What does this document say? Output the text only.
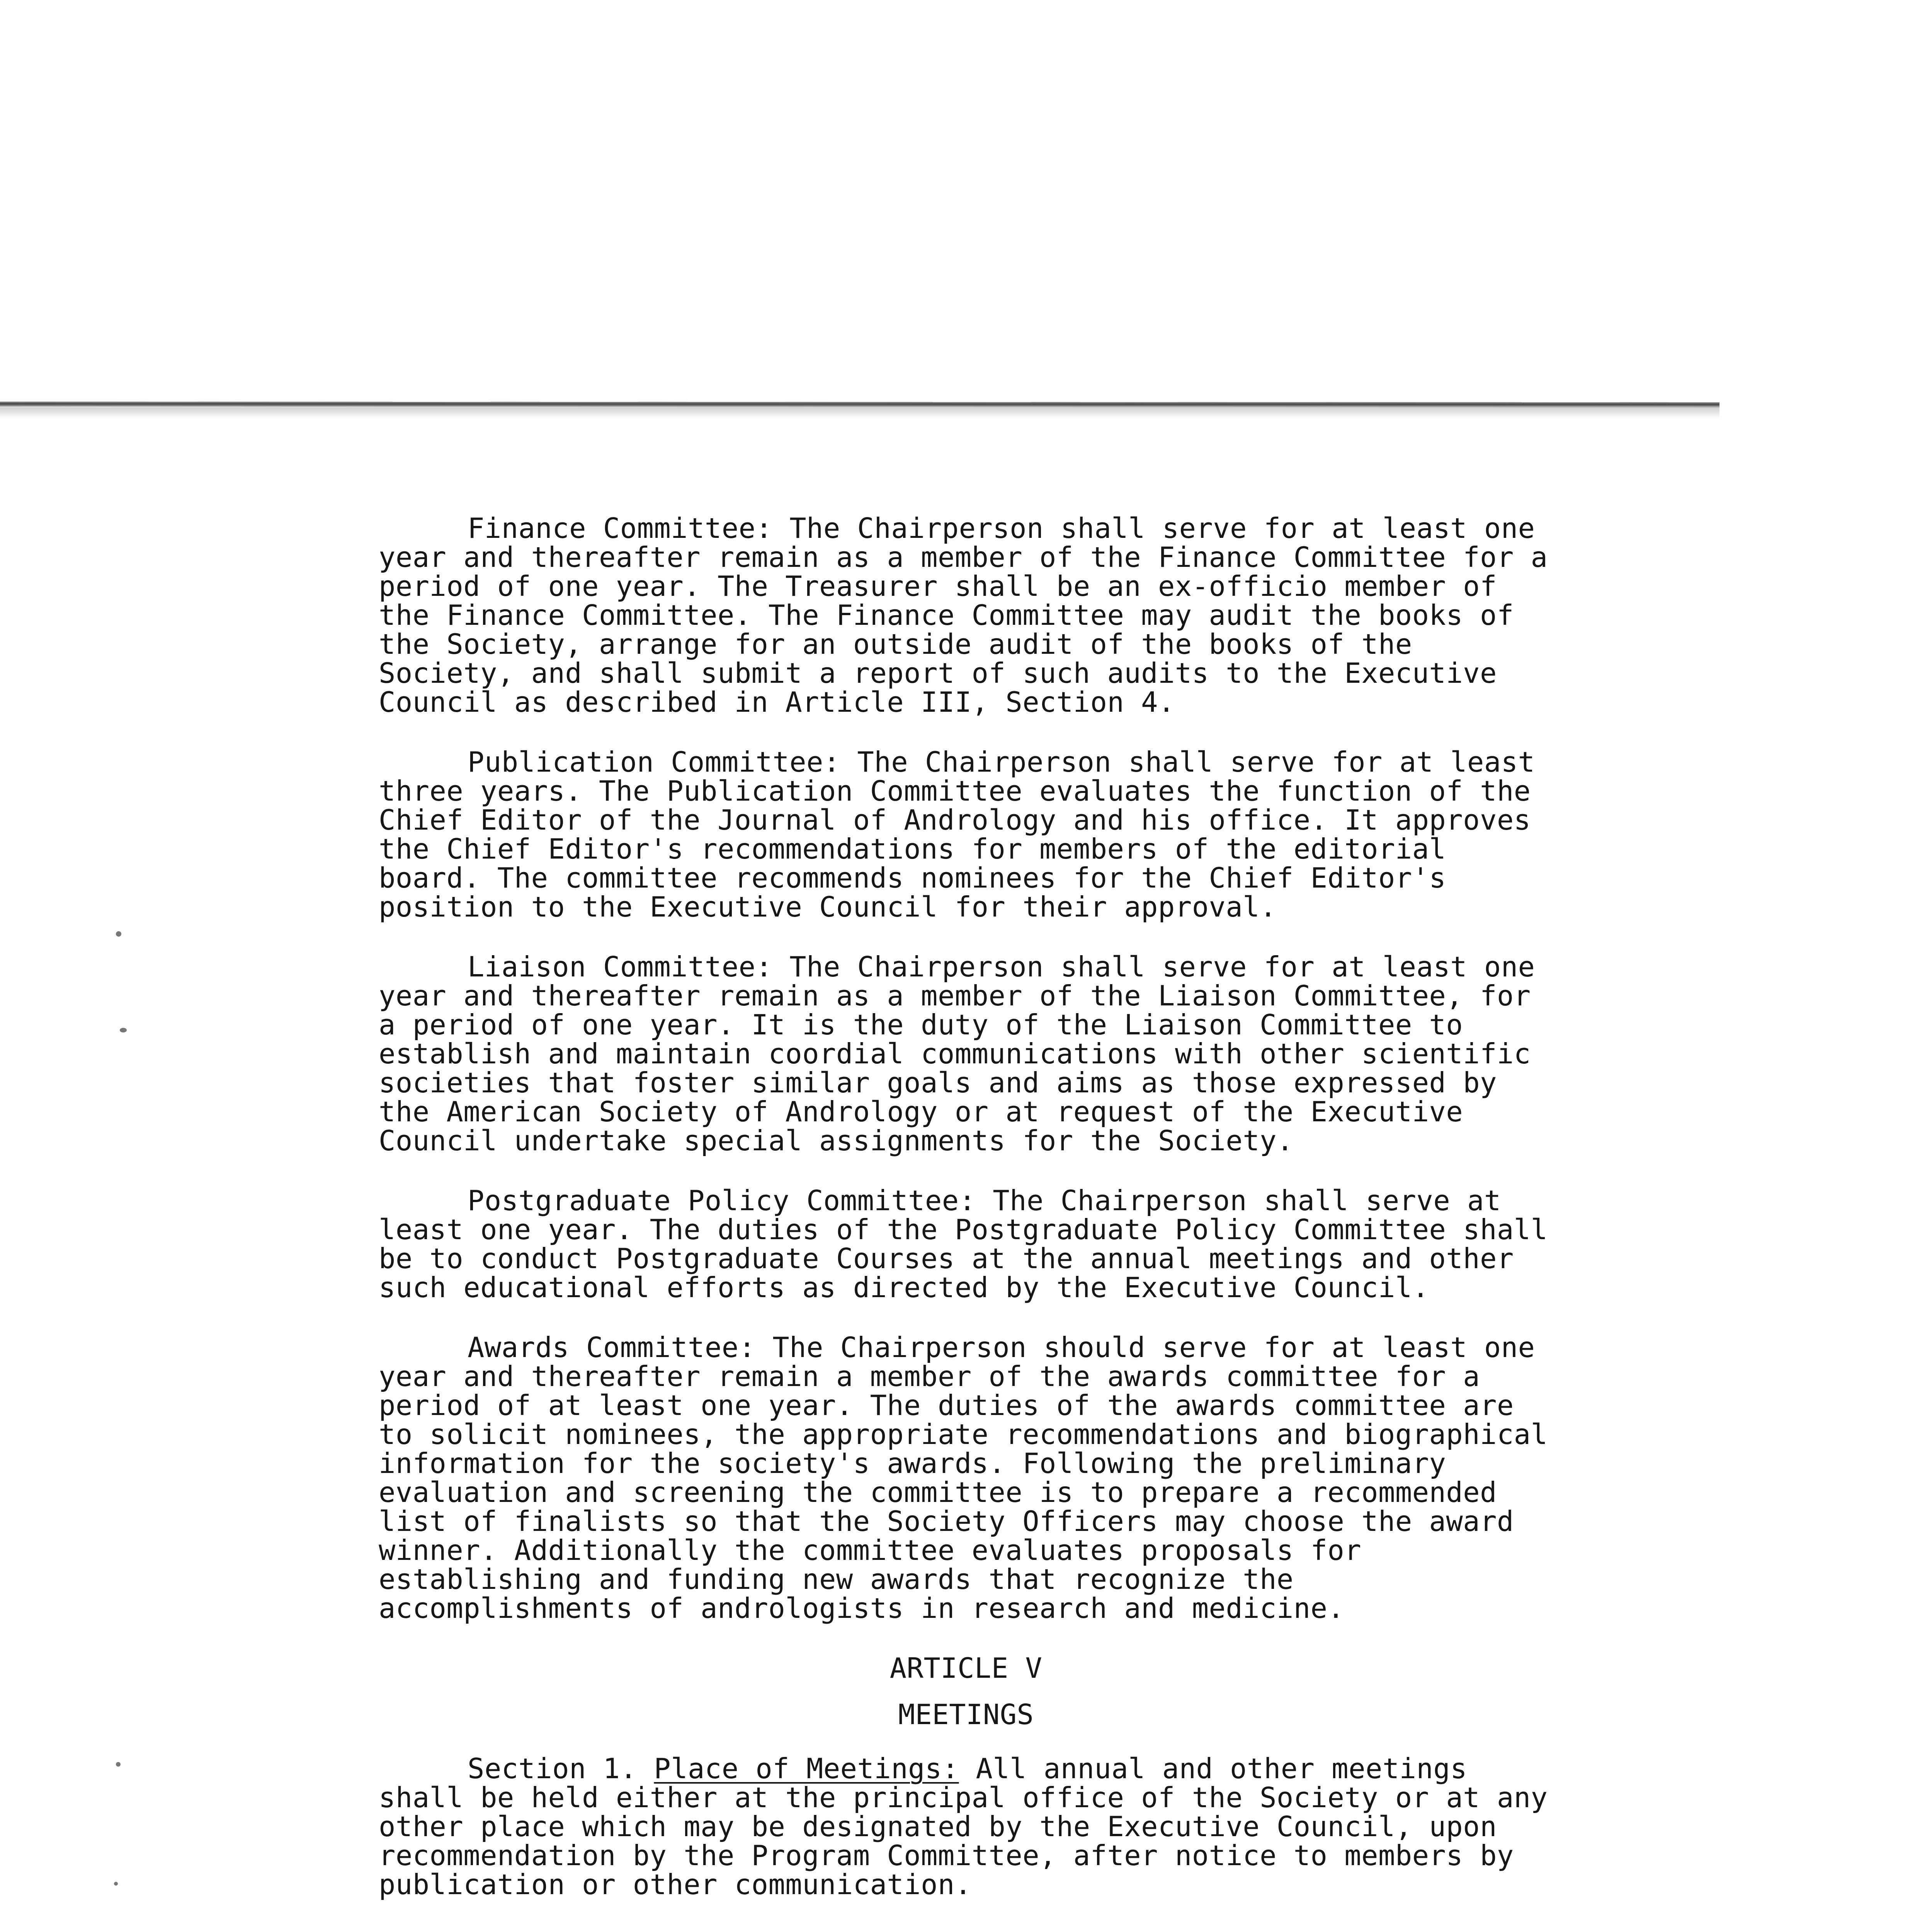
Finance Committee: The Chairperson shall serve for at least one year and thereafter remain as a member of the Finance Committee for a period of one year. The Treasurer shall be an ex-officio member of the Finance Committee. The Finance Committee may audit the books of the Society, arrange for an outside audit of the books of the Society, and shall submit a report of such audits to the Executive Council as described in Article III, Section 4.

Publication Committee: The Chairperson shall serve for at least three years. The Publication Committee evaluates the function of the Chief Editor of the Journal of Andrology and his office. It approves the Chief Editor's recommendations for members of the editorial board. The committee recommends nominees for the Chief Editor's position to the Executive Council for their approval.

Liaison Committee: The Chairperson shall serve for at least one year and thereafter remain as a member of the Liaison Committee, for a period of one year. It is the duty of the Liaison Committee to establish and maintain coordial communications with other scientific societies that foster similar goals and aims as those expressed by the American Society of Andrology or at request of the Executive Council undertake special assignments for the Society.

Postgraduate Policy Committee: The Chairperson shall serve at least one year. The duties of the Postgraduate Policy Committee shall be to conduct Postgraduate Courses at the annual meetings and other such educational efforts as directed by the Executive Council.

Awards Committee: The Chairperson should serve for at least one year and thereafter remain a member of the awards committee for a period of at least one year. The duties of the awards committee are to solicit nominees, the appropriate recommendations and biographical information for the society's awards. Following the preliminary evaluation and screening the committee is to prepare a recommended list of finalists so that the Society Officers may choose the award winner. Additionally the committee evaluates proposals for establishing and funding new awards that recognize the accomplishments of andrologists in research and medicine.

ARTICLE V

MEETINGS

Section 1. Place of Meetings: All annual and other meetings shall be held either at the principal office of the Society or at any other place which may be designated by the Executive Council, upon recommendation by the Program Committee, after notice to members by publication or other communication.
